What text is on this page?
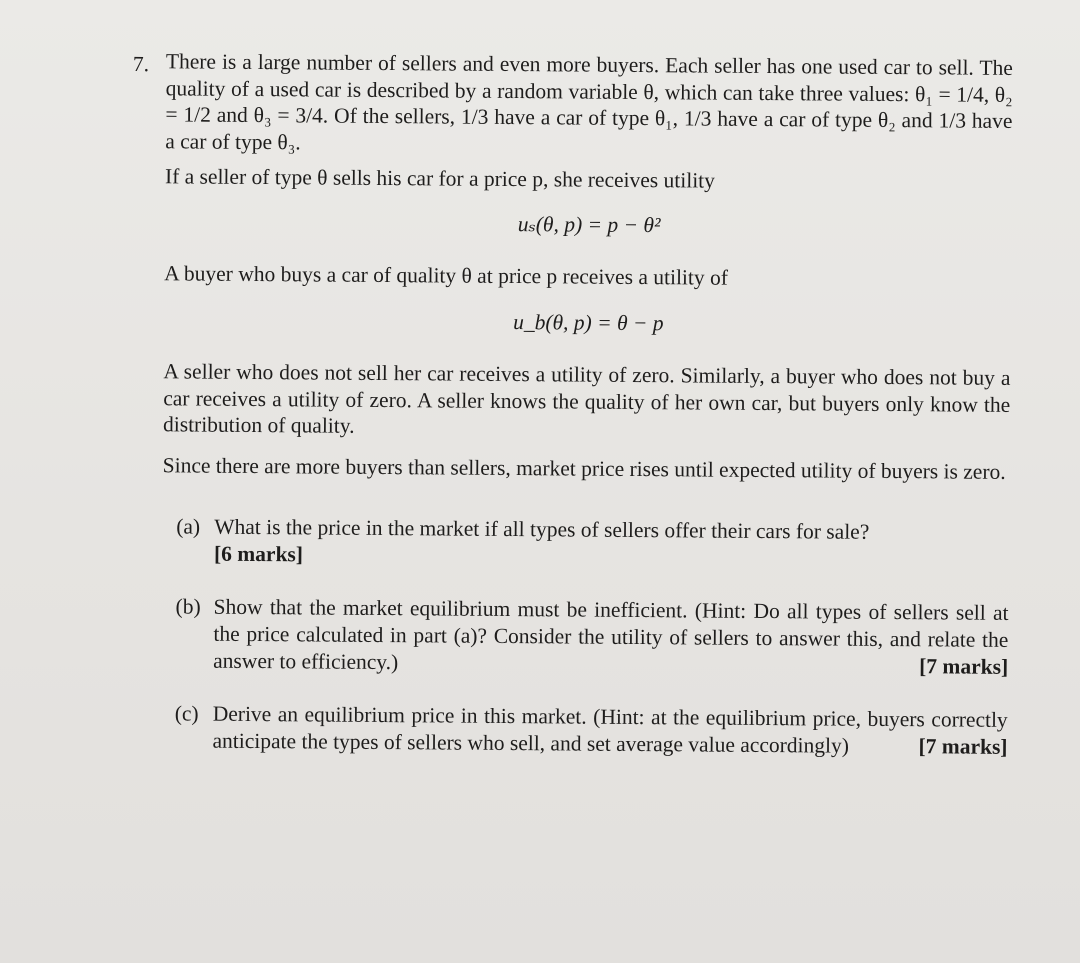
7. There is a large number of sellers and even more buyers. Each seller has one used car to sell. The quality of a used car is described by a random variable θ, which can take three values: θ₁ = 1/4, θ₂ = 1/2 and θ₃ = 3/4. Of the sellers, 1/3 have a car of type θ₁, 1/3 have a car of type θ₂ and 1/3 have a car of type θ₃.
If a seller of type θ sells his car for a price p, she receives utility
uₛ(θ, p) = p − θ²
A buyer who buys a car of quality θ at price p receives a utility of
u_b(θ, p) = θ − p
A seller who does not sell her car receives a utility of zero. Similarly, a buyer who does not buy a car receives a utility of zero. A seller knows the quality of her own car, but buyers only know the distribution of quality.
Since there are more buyers than sellers, market price rises until expected utility of buyers is zero.
(a) What is the price in the market if all types of sellers offer their cars for sale?
[6 marks]
(b) Show that the market equilibrium must be inefficient. (Hint: Do all types of sellers sell at the price calculated in part (a)? Consider the utility of sellers to answer this, and relate the answer to efficiency.)	[7 marks]
(c) Derive an equilibrium price in this market. (Hint: at the equilibrium price, buyers correctly anticipate the types of sellers who sell, and set average value accordingly)	[7 marks]
